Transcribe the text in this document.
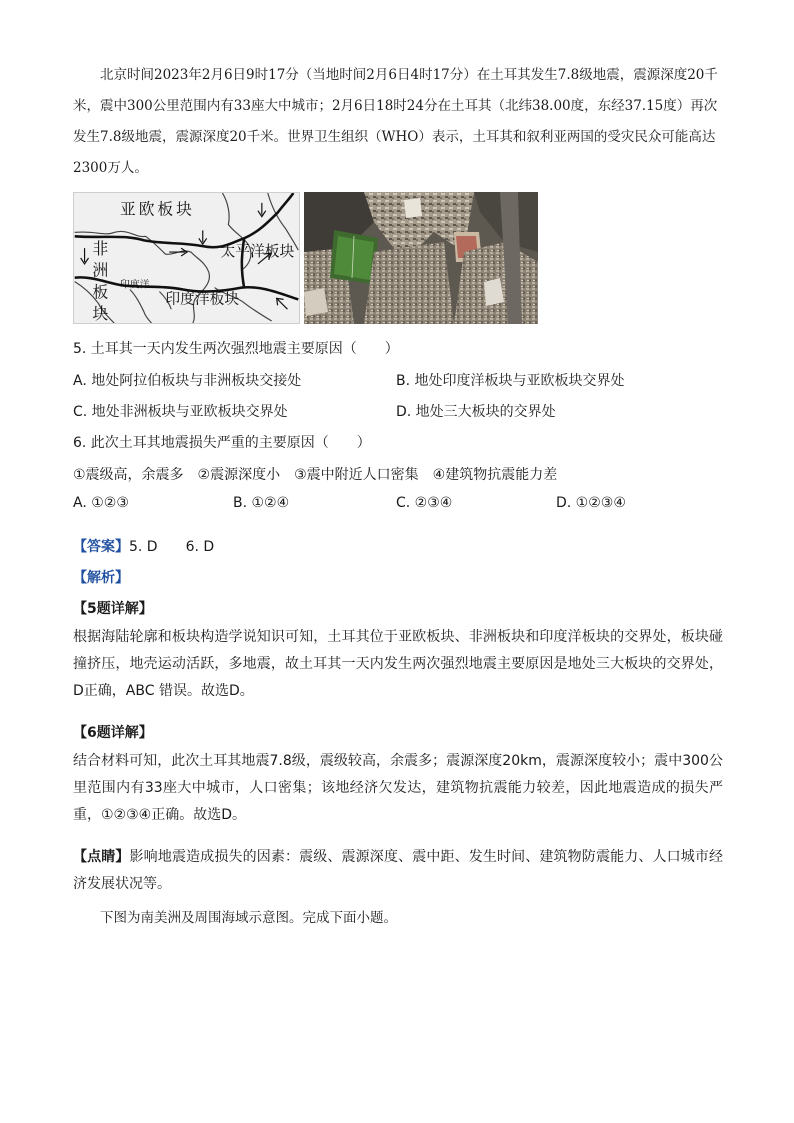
北京时间2023年2月6日9时17分（当地时间2月6日4时17分）在土耳其发生7.8级地震，震源深度20千米，震中300公里范围内有33座大中城市；2月6日18时24分在土耳其（北纬38.00度，东经37.15度）再次发生7.8级地震，震源深度20千米。世界卫生组织（WHO）表示，土耳其和叙利亚两国的受灾民众可能高达2300万人。

亚欧板块
非
洲
板
块
太平洋板块
印度洋
印度洋板块
5. 土耳其一天内发生两次强烈地震主要原因（　　）
A. 地处阿拉伯板块与非洲板块交接处	B. 地处印度洋板块与亚欧板块交界处
C. 地处非洲板块与亚欧板块交界处	D. 地处三大板块的交界处
6. 此次土耳其地震损失严重的主要原因（　　）
①震级高，余震多　②震源深度小　③震中附近人口密集　④建筑物抗震能力差
A. ①②③	B. ①②④	C. ②③④	D. ①②③④
【答案】5. D　　6. D
【解析】
【5题详解】

根据海陆轮廓和板块构造学说知识可知，土耳其位于亚欧板块、非洲板块和印度洋板块的交界处，板块碰撞挤压，地壳运动活跃，多地震，故土耳其一天内发生两次强烈地震主要原因是地处三大板块的交界处，D正确，ABC 错误。故选D。

【6题详解】

结合材料可知，此次土耳其地震7.8级，震级较高，余震多；震源深度20km，震源深度较小；震中300公里范围内有33座大中城市，人口密集；该地经济欠发达，建筑物抗震能力较差，因此地震造成的损失严重，①②③④正确。故选D。

【点睛】影响地震造成损失的因素：震级、震源深度、震中距、发生时间、建筑物防震能力、人口城市经济发展状况等。

下图为南美洲及周围海域示意图。完成下面小题。
